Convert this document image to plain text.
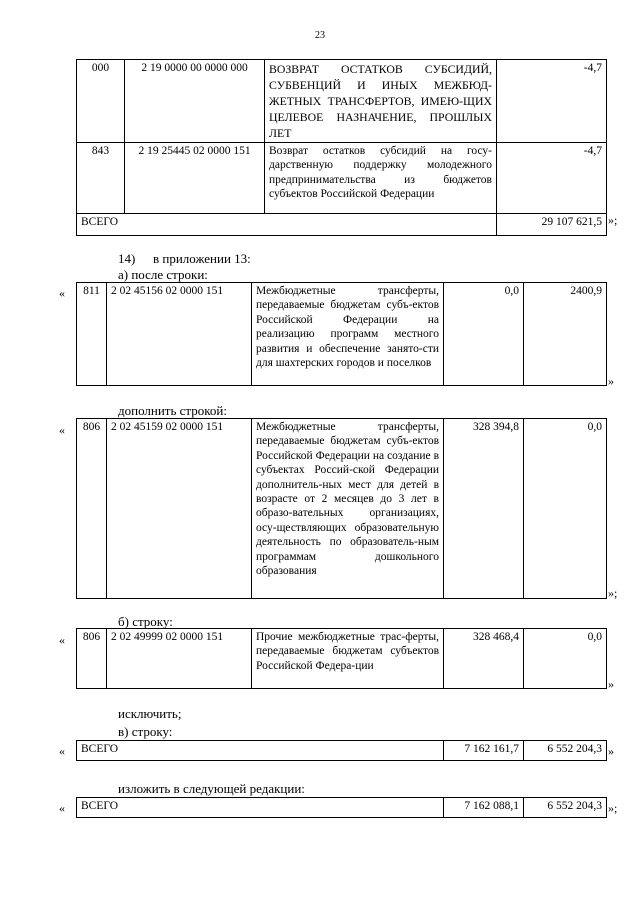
23
000	2 19 0000 00 0000 000	ВОЗВРАТ ОСТАТКОВ СУБСИДИЙ, СУБВЕНЦИЙ И ИНЫХ МЕЖБЮД-ЖЕТНЫХ ТРАНСФЕРТОВ, ИМЕЮ-ЩИХ ЦЕЛЕВОЕ НАЗНАЧЕНИЕ, ПРОШЛЫХ ЛЕТ	-4,7
843	2 19 25445 02 0000 151	Возврат остатков субсидий на госу-дарственную поддержку молодежного предпринимательства из бюджетов субъектов Российской Федерации	-4,7
ВСЕГО			29 107 621,5 »;
14) в приложении 13:
а) после строки:
« 811	2 02 45156 02 0000 151	Межбюджетные трансферты, передаваемые бюджетам субъ-ектов Российской Федерации на реализацию программ местного развития и обеспечение занято-сти для шахтерских городов и поселков	0,0	2400,9
»
дополнить строкой:
« 806	2 02 45159 02 0000 151	Межбюджетные трансферты, передаваемые бюджетам субъ-ектов Российской Федерации на создание в субъектах Россий-ской Федерации дополнитель-ных мест для детей в возрасте от 2 месяцев до 3 лет в образо-вательных организациях, осу-ществляющих образовательную деятельность по образователь-ным программам дошкольного образования	328 394,8	0,0
»;
б) строку:
« 806	2 02 49999 02 0000 151	Прочие межбюджетные трас-ферты, передаваемые бюджетам субъектов Российской Федера-ции	328 468,4	0,0
»
исключить;
в) строку:
« ВСЕГО	7 162 161,7	6 552 204,3 »
изложить в следующей редакции:
« ВСЕГО	7 162 088,1	6 552 204,3 »;
